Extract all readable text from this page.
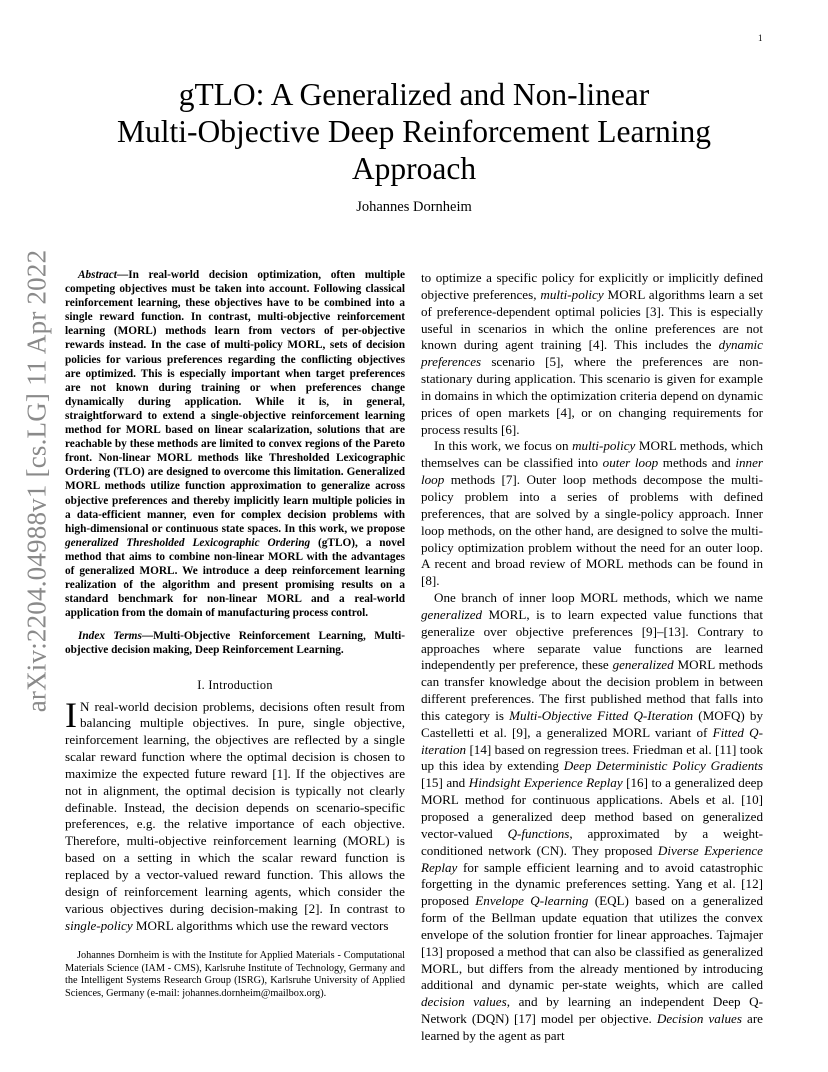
1
arXiv:2204.04988v1 [cs.LG] 11 Apr 2022
gTLO: A Generalized and Non-linear
Multi-Objective Deep Reinforcement Learning
Approach
Johannes Dornheim

Abstract—In real-world decision optimization, often multiple competing objectives must be taken into account. Following classical reinforcement learning, these objectives have to be combined into a single reward function. In contrast, multi-objective reinforcement learning (MORL) methods learn from vectors of per-objective rewards instead. In the case of multi-policy MORL, sets of decision policies for various preferences regarding the conflicting objectives are optimized. This is especially important when target preferences are not known during training or when preferences change dynamically during application. While it is, in general, straightforward to extend a single-objective reinforcement learning method for MORL based on linear scalarization, solutions that are reachable by these methods are limited to convex regions of the Pareto front. Non-linear MORL methods like Thresholded Lexicographic Ordering (TLO) are designed to overcome this limitation. Generalized MORL methods utilize function approximation to generalize across objective preferences and thereby implicitly learn multiple policies in a data-efficient manner, even for complex decision problems with high-dimensional or continuous state spaces. In this work, we propose generalized Thresholded Lexicographic Ordering (gTLO), a novel method that aims to combine non-linear MORL with the advantages of generalized MORL. We introduce a deep reinforcement learning realization of the algorithm and present promising results on a standard benchmark for non-linear MORL and a real-world application from the domain of manufacturing process control.

Index Terms—Multi-Objective Reinforcement Learning, Multi-objective decision making, Deep Reinforcement Learning.

I. Introduction

I N real-world decision problems, decisions often result from balancing multiple objectives. In pure, single objective, reinforcement learning, the objectives are reflected by a single scalar reward function where the optimal decision is chosen to maximize the expected future reward [1]. If the objectives are not in alignment, the optimal decision is typically not clearly definable. Instead, the decision depends on scenario-specific preferences, e.g. the relative importance of each objective. Therefore, multi-objective reinforcement learning (MORL) is based on a setting in which the scalar reward function is replaced by a vector-valued reward function. This allows the design of reinforcement learning agents, which consider the various objectives during decision-making [2]. In contrast to single-policy MORL algorithms which use the reward vectors

Johannes Dornheim is with the Institute for Applied Materials - Computational Materials Science (IAM - CMS), Karlsruhe Institute of Technology, Germany and the Intelligent Systems Research Group (ISRG), Karlsruhe University of Applied Sciences, Germany (e-mail: johannes.dornheim@mailbox.org).

to optimize a specific policy for explicitly or implicitly defined objective preferences, multi-policy MORL algorithms learn a set of preference-dependent optimal policies [3]. This is especially useful in scenarios in which the online preferences are not known during agent training [4]. This includes the dynamic preferences scenario [5], where the preferences are non-stationary during application. This scenario is given for example in domains in which the optimization criteria depend on dynamic prices of open markets [4], or on changing requirements for process results [6].

In this work, we focus on multi-policy MORL methods, which themselves can be classified into outer loop methods and inner loop methods [7]. Outer loop methods decompose the multi-policy problem into a series of problems with defined preferences, that are solved by a single-policy approach. Inner loop methods, on the other hand, are designed to solve the multi-policy optimization problem without the need for an outer loop. A recent and broad review of MORL methods can be found in [8].

One branch of inner loop MORL methods, which we name generalized MORL, is to learn expected value functions that generalize over objective preferences [9]–[13]. Contrary to approaches where separate value functions are learned independently per preference, these generalized MORL methods can transfer knowledge about the decision problem in between different preferences. The first published method that falls into this category is Multi-Objective Fitted Q-Iteration (MOFQ) by Castelletti et al. [9], a generalized MORL variant of Fitted Q-iteration [14] based on regression trees. Friedman et al. [11] took up this idea by extending Deep Deterministic Policy Gradients [15] and Hindsight Experience Replay [16] to a generalized deep MORL method for continuous applications. Abels et al. [10] proposed a generalized deep method based on generalized vector-valued Q-functions, approximated by a weight-conditioned network (CN). They proposed Diverse Experience Replay for sample efficient learning and to avoid catastrophic forgetting in the dynamic preferences setting. Yang et al. [12] proposed Envelope Q-learning (EQL) based on a generalized form of the Bellman update equation that utilizes the convex envelope of the solution frontier for linear approaches. Tajmajer [13] proposed a method that can also be classified as generalized MORL, but differs from the already mentioned by introducing additional and dynamic per-state weights, which are called decision values, and by learning an independent Deep Q-Network (DQN) [17] model per objective. Decision values are learned by the agent as part
